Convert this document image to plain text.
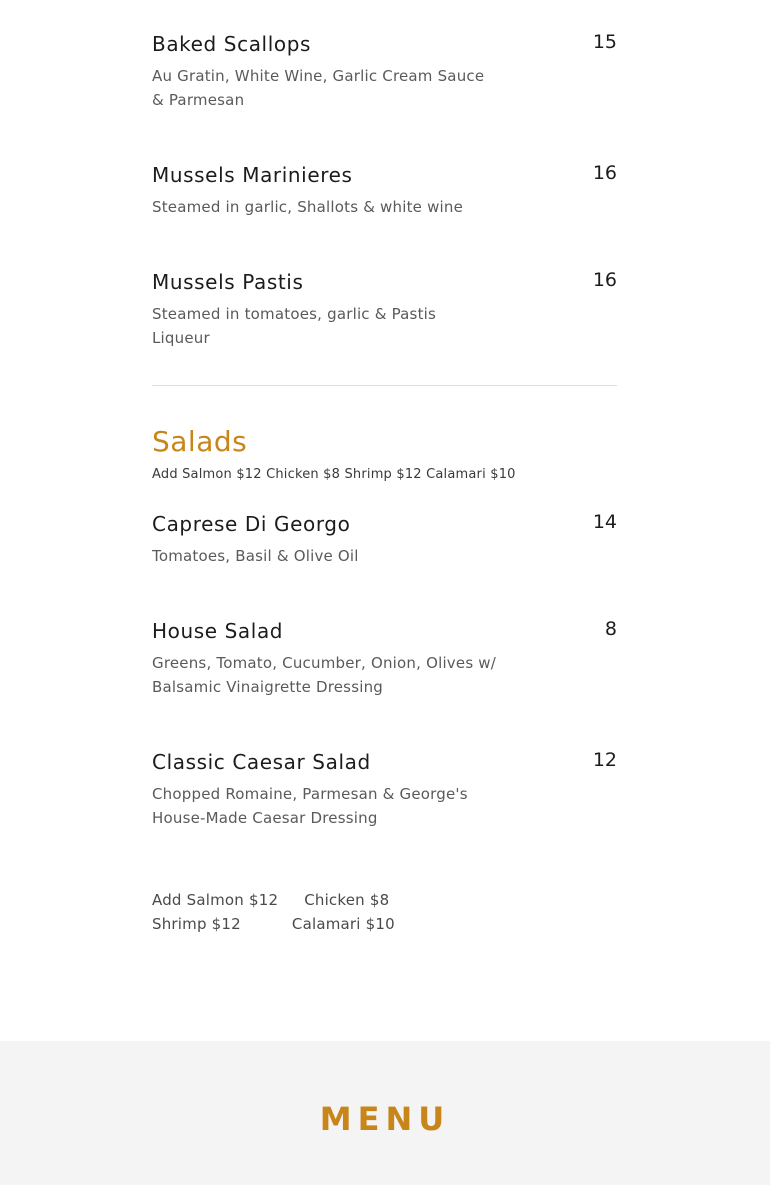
Baked Scallops	15
Au Gratin, White Wine, Garlic Cream Sauce & Parmesan
Mussels Marinieres	16
Steamed in garlic, Shallots & white wine
Mussels Pastis	16
Steamed in tomatoes, garlic & Pastis Liqueur
Salads
Add Salmon $12 Chicken $8 Shrimp $12 Calamari $10
Caprese Di Georgo	14
Tomatoes, Basil & Olive Oil
House Salad	8
Greens, Tomato, Cucumber, Onion, Olives w/ Balsamic Vinaigrette Dressing
Classic Caesar Salad	12
Chopped Romaine, Parmesan & George's House-Made Caesar Dressing
Add Salmon $12 Chicken $8Shrimp $12	Calamari $10
MENU
